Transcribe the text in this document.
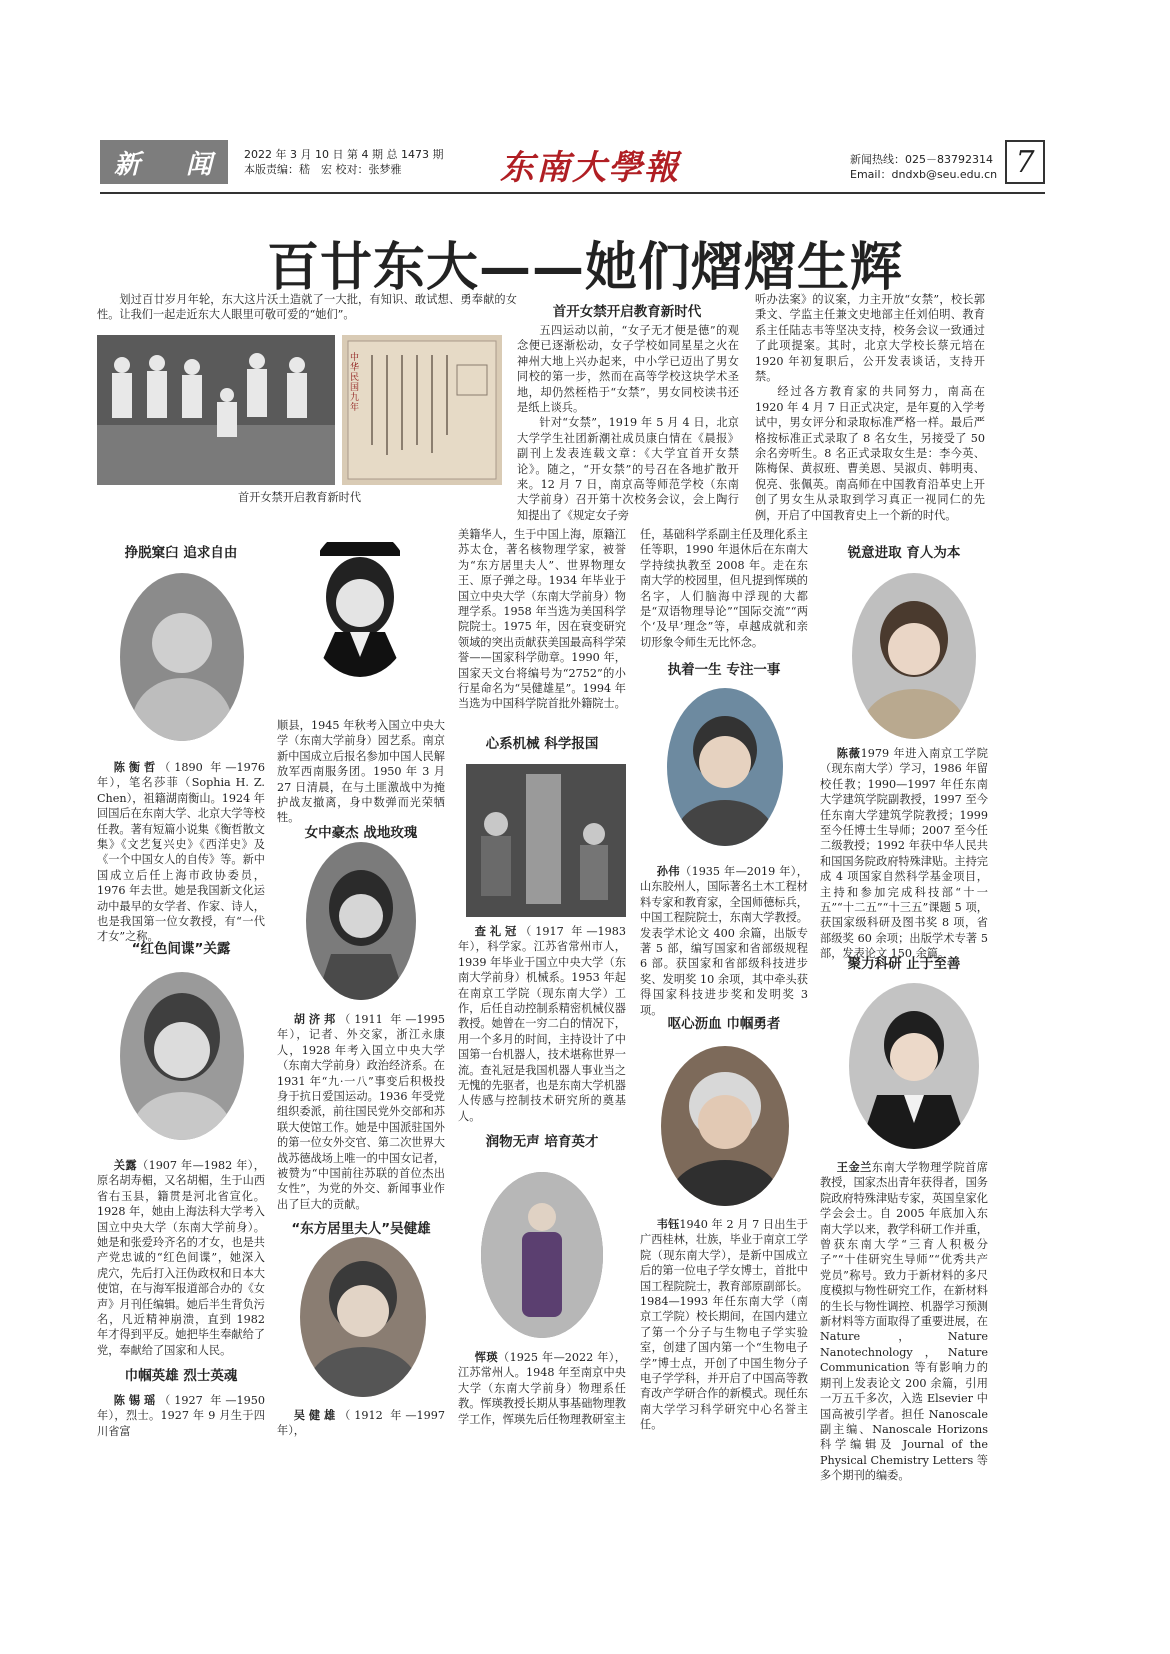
新 闻	2022 年 3 月 10 日 第 4 期 总 1473 期
本版责编：嵇　宏 校对：张梦雅	东南大學報	新闻热线：025－83792314
Email：dndxb@seu.edu.cn 7
百廿东大——她们熠熠生辉
划过百廿岁月年轮，东大这片沃土造就了一大批，有知识、敢试想、勇奉献的女性。让我们一起走近东大人眼里可敬可爱的“她们”。
中华民国九年
首开女禁开启教育新时代
首开女禁开启教育新时代

五四运动以前，“女子无才便是德”的观念便已逐渐松动，女子学校如同星星之火在神州大地上兴办起来，中小学已迈出了男女同校的第一步，然而在高等学校这块学术圣地，却仍然桎梏于“女禁”，男女同校读书还是纸上谈兵。

针对“女禁”，1919 年 5 月 4 日，北京大学学生社团新潮社成员康白情在《晨报》副刊上发表连载文章：《大学宜首开女禁论》。随之，“开女禁”的号召在各地扩散开来。12 月 7 日，南京高等师范学校（东南大学前身）召开第十次校务会议，会上陶行知提出了《规定女子旁

听办法案》的议案，力主开放“女禁”，校长郭秉文、学监主任兼文史地部主任刘伯明、教育系主任陆志韦等坚决支持，校务会议一致通过了此项提案。其时，北京大学校长蔡元培在 1920 年初复职后，公开发表谈话，支持开禁。

经过各方教育家的共同努力，南高在 1920 年 4 月 7 日正式决定，是年夏的入学考试中，男女评分和录取标准严格一样。最后严格按标准正式录取了 8 名女生，另接受了 50 余名旁听生。8 名正式录取女生是：李今英、陈梅保、黄叔班、曹美恩、吴淑贞、韩明夷、倪亮、张佩英。南高师在中国教育沿革史上开创了男女生从录取到学习真正一视同仁的先例，开启了中国教育史上一个新的时代。

挣脱窠臼 追求自由
陈衡哲（1890 年—1976 年），笔名莎菲（Sophia H. Z. Chen），祖籍湖南衡山。1924 年回国后在东南大学、北京大学等校任教。著有短篇小说集《衡哲散文集》《文艺复兴史》《西洋史》及《一个中国女人的自传》等。新中国成立后任上海市政协委员，1976 年去世。她是我国新文化运动中最早的女学者、作家、诗人，也是我国第一位女教授，有“一代才女”之称。
“红色间谍”关露
关露（1907 年—1982 年），原名胡寿楣，又名胡楣，生于山西省右玉县，籍贯是河北省宣化。1928 年，她由上海法科大学考入国立中央大学（东南大学前身）。她是和张爱玲齐名的才女，也是共产党忠诚的“红色间谍”，她深入虎穴，先后打入汪伪政权和日本大使馆，在与海军报道部合办的《女声》月刊任编辑。她后半生背负污名，凡近精神崩溃，直到 1982 年才得到平反。她把毕生奉献给了党，奉献给了国家和人民。
巾帼英雄 烈士英魂
陈锡瑶（1927 年—1950 年），烈士。1927 年 9 月生于四川省富
顺县，1945 年秋考入国立中央大学（东南大学前身）园艺系。南京新中国成立后报名参加中国人民解放军西南服务团。1950 年 3 月 27 日清晨，在与土匪激战中为掩护战友撤离，身中数弹而光荣牺牲。
女中豪杰 战地玫瑰
胡济邦（1911 年—1995 年），记者、外交家，浙江永康人，1928 年考入国立中央大学（东南大学前身）政治经济系。在 1931 年“九·一八”事变后积极投身于抗日爱国运动。1936 年受党组织委派，前往国民党外交部和苏联大使馆工作。她是中国派驻国外的第一位女外交官、第二次世界大战苏德战场上唯一的中国女记者，被赞为“中国前往苏联的首位杰出女性”，为党的外交、新闻事业作出了巨大的贡献。
“东方居里夫人”吴健雄
吴健雄（1912 年—1997 年），
美籍华人，生于中国上海，原籍江苏太仓，著名核物理学家，被誉为“东方居里夫人”、世界物理女王、原子弹之母。1934 年毕业于国立中央大学（东南大学前身）物理学系。1958 年当选为美国科学院院士。1975 年，因在衰变研究领域的突出贡献获美国最高科学荣誉——国家科学勋章。1990 年，国家天文台将编号为“2752”的小行星命名为“吴健雄星”。1994 年当选为中国科学院首批外籍院士。
心系机械 科学报国
查礼冠（1917 年—1983 年），科学家。江苏省常州市人，1939 年毕业于国立中央大学（东南大学前身）机械系。1953 年起在南京工学院（现东南大学）工作，后任自动控制系精密机械仪器教授。她曾在一穷二白的情况下，用一个多月的时间，主持设计了中国第一台机器人，技术堪称世界一流。查礼冠是我国机器人事业当之无愧的先驱者，也是东南大学机器人传感与控制技术研究所的奠基人。
润物无声 培育英才
恽瑛（1925 年—2022 年），江苏常州人。1948 年至南京中央大学（东南大学前身）物理系任教。恽瑛教授长期从事基础物理教学工作，恽瑛先后任物理教研室主
任，基础科学系副主任及理化系主任等职，1990 年退休后在东南大学持续执教至 2008 年。走在东南大学的校园里，但凡提到恽瑛的名字，人们脑海中浮现的大都是“双语物理导论”“国际交流”“两个‘及早’理念”等，卓越成就和亲切形象令师生无比怀念。
执着一生 专注一事
孙伟（1935 年—2019 年），山东胶州人，国际著名土木工程材料专家和教育家，全国师德标兵，中国工程院院士，东南大学教授。发表学术论文 400 余篇，出版专著 5 部，编写国家和省部级规程 6 部。获国家和省部级科技进步奖、发明奖 10 余项，其中牵头获得国家科技进步奖和发明奖 3 项。
呕心沥血 巾帼勇者
韦钰1940 年 2 月 7 日出生于广西桂林，壮族，毕业于南京工学院（现东南大学），是新中国成立后的第一位电子学女博士，首批中国工程院院士，教育部原副部长。1984—1993 年任东南大学（南京工学院）校长期间，在国内建立了第一个分子与生物电子学实验室，创建了国内第一个“生物电子学”博士点，开创了中国生物分子电子学学科，并开启了中国高等教育改产学研合作的新模式。现任东南大学学习科学研究中心名誉主任。
锐意进取 育人为本
陈薇1979 年进入南京工学院（现东南大学）学习，1986 年留校任教；1990—1997 年任东南大学建筑学院副教授，1997 至今任东南大学建筑学院教授；1999 至今任博士生导师；2007 至今任二级教授；1992 年获中华人民共和国国务院政府特殊津贴。主持完成 4 项国家自然科学基金项目，主持和参加完成科技部“十一五”“十二五”“十三五”课题 5 项，获国家级科研及图书奖 8 项，省部级奖 60 余项；出版学术专著 5 部，发表论文 150 余篇。
聚力科研 止于至善
王金兰东南大学物理学院首席教授，国家杰出青年获得者，国务院政府特殊津贴专家，英国皇家化学会会士。自 2005 年底加入东南大学以来，教学科研工作并重，曾获东南大学“三育人积极分子”“十佳研究生导师”“优秀共产党员”称号。致力于新材料的多尺度模拟与物性研究工作，在新材料的生长与物性调控、机器学习预测新材料等方面取得了重要进展，在 Nature，Nature Nanotechnology，Nature Communication 等有影响力的期刊上发表论文 200 余篇，引用一万五千多次，入选 Elsevier 中国高被引学者。担任 Nanoscale 副主编、Nanoscale Horizons 科学编辑及 Journal of the Physical Chemistry Letters 等多个期刊的编委。
